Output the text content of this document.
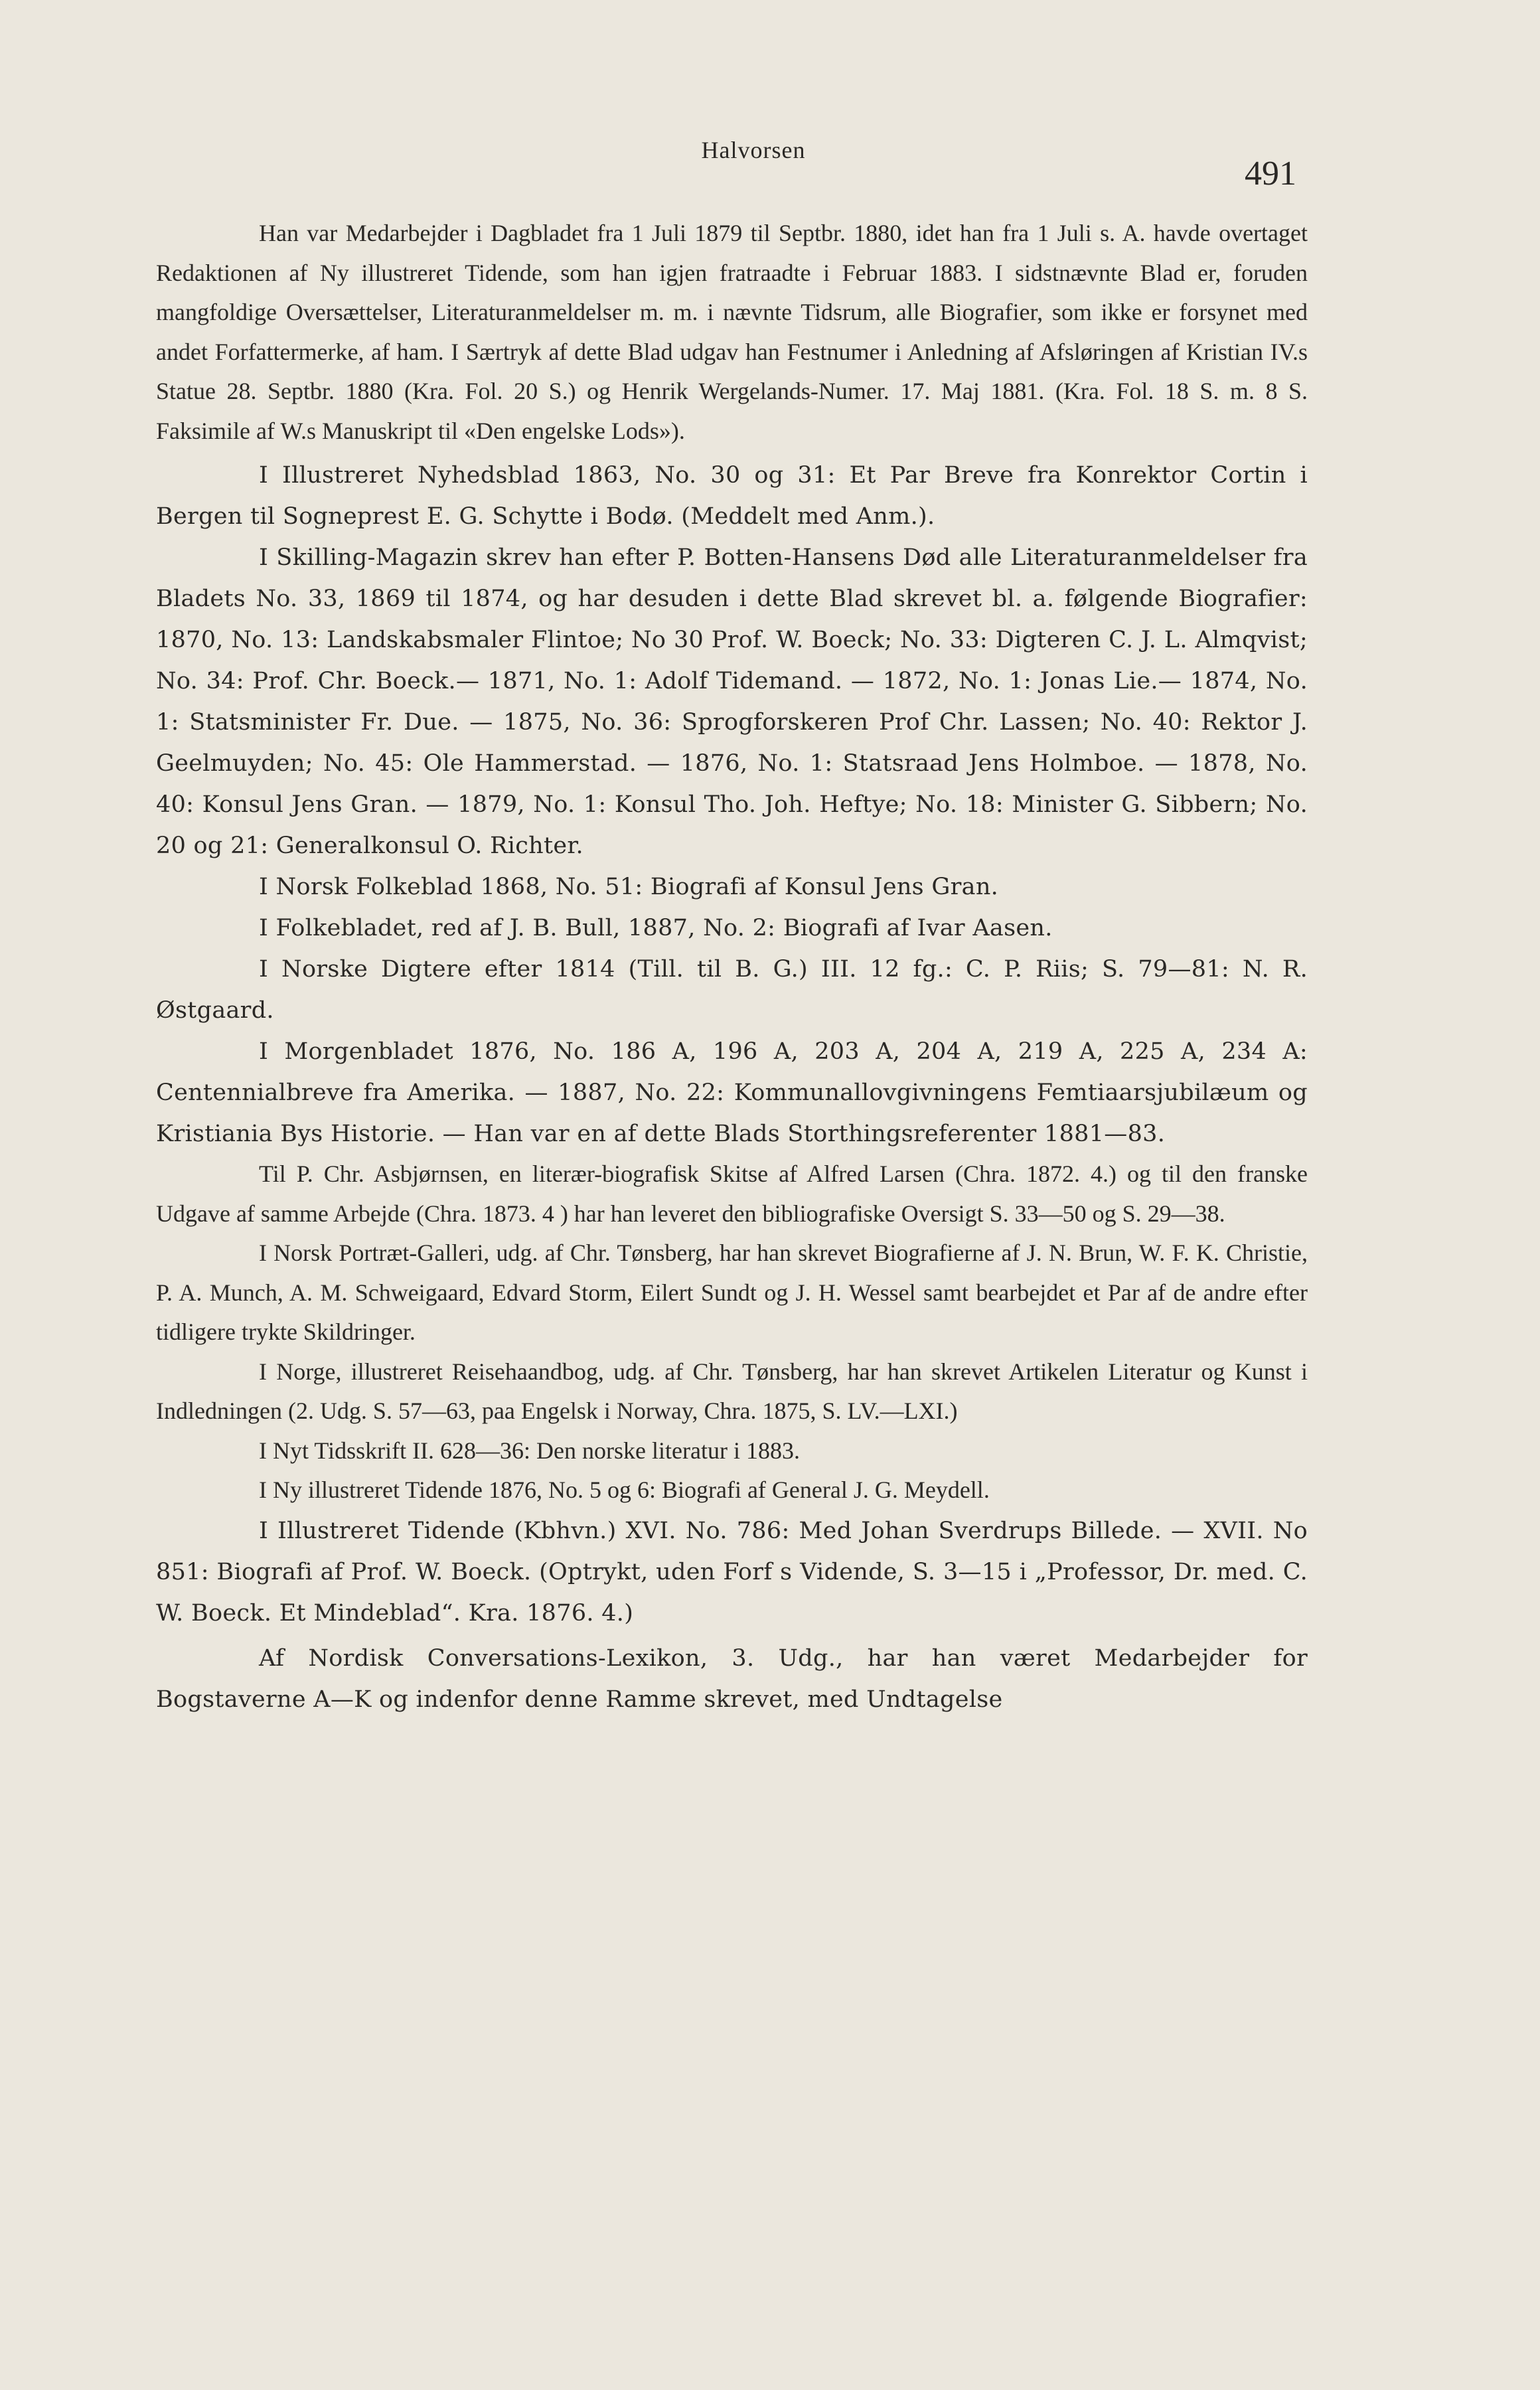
Halvorsen
491

Han var Medarbejder i Dagbladet fra 1 Juli 1879 til Septbr. 1880, idet han fra 1 Juli s. A. havde overtaget Redaktionen af Ny illustreret Tidende, som han igjen fratraadte i Februar 1883. I sidstnævnte Blad er, foruden mangfoldige Oversættelser, Literaturanmeldelser m. m. i nævnte Tidsrum, alle Biografier, som ikke er forsynet med andet Forfattermerke, af ham. I Særtryk af dette Blad udgav han Festnumer i Anledning af Afsløringen af Kristian IV.s Statue 28. Septbr. 1880 (Kra. Fol. 20 S.) og Henrik Wergelands-Numer. 17. Maj 1881. (Kra. Fol. 18 S. m. 8 S. Faksimile af W.s Manuskript til «Den engelske Lods»).

I Illustreret Nyhedsblad 1863, No. 30 og 31: Et Par Breve fra Konrektor Cortin i Bergen til Sogneprest E. G. Schytte i Bodø. (Meddelt med Anm.).

I Skilling-Magazin skrev han efter P. Botten-Hansens Død alle Literaturanmeldelser fra Bladets No. 33, 1869 til 1874, og har desuden i dette Blad skrevet bl. a. følgende Biografier: 1870, No. 13: Landskabsmaler Flintoe; No 30 Prof. W. Boeck; No. 33: Digteren C. J. L. Almqvist; No. 34: Prof. Chr. Boeck.— 1871, No. 1: Adolf Tidemand. — 1872, No. 1: Jonas Lie.— 1874, No. 1: Statsminister Fr. Due. — 1875, No. 36: Sprogforskeren Prof Chr. Lassen; No. 40: Rektor J. Geelmuyden; No. 45: Ole Hammerstad. — 1876, No. 1: Statsraad Jens Holmboe. — 1878, No. 40: Konsul Jens Gran. — 1879, No. 1: Konsul Tho. Joh. Heftye; No. 18: Minister G. Sibbern; No. 20 og 21: Generalkonsul O. Richter.

I Norsk Folkeblad 1868, No. 51: Biografi af Konsul Jens Gran.

I Folkebladet, red af J. B. Bull, 1887, No. 2: Biografi af Ivar Aasen.

I Norske Digtere efter 1814 (Till. til B. G.) III. 12 fg.: C. P. Riis; S. 79—81: N. R. Østgaard.

I Morgenbladet 1876, No. 186 A, 196 A, 203 A, 204 A, 219 A, 225 A, 234 A: Centennialbreve fra Amerika. — 1887, No. 22: Kommunallovgivningens Femtiaarsjubilæum og Kristiania Bys Historie. — Han var en af dette Blads Storthingsreferenter 1881—83.

Til P. Chr. Asbjørnsen, en literær-biografisk Skitse af Alfred Larsen (Chra. 1872. 4.) og til den franske Udgave af samme Arbejde (Chra. 1873. 4 ) har han leveret den bibliografiske Oversigt S. 33—50 og S. 29—38.

I Norsk Portræt-Galleri, udg. af Chr. Tønsberg, har han skrevet Biografierne af J. N. Brun, W. F. K. Christie, P. A. Munch, A. M. Schweigaard, Edvard Storm, Eilert Sundt og J. H. Wessel samt bearbejdet et Par af de andre efter tidligere trykte Skildringer.

I Norge, illustreret Reisehaandbog, udg. af Chr. Tønsberg, har han skrevet Artikelen Literatur og Kunst i Indledningen (2. Udg. S. 57—63, paa Engelsk i Norway, Chra. 1875, S. LV.—LXI.)

I Nyt Tidsskrift II. 628—36: Den norske literatur i 1883.

I Ny illustreret Tidende 1876, No. 5 og 6: Biografi af General J. G. Meydell.

I Illustreret Tidende (Kbhvn.) XVI. No. 786: Med Johan Sverdrups Billede. — XVII. No 851: Biografi af Prof. W. Boeck. (Optrykt, uden Forf s Vidende, S. 3—15 i „Professor, Dr. med. C. W. Boeck. Et Mindeblad“. Kra. 1876. 4.)

Af Nordisk Conversations-Lexikon, 3. Udg., har han været Medarbejder for Bogstaverne A—K og indenfor denne Ramme skrevet, med Undtagelse
